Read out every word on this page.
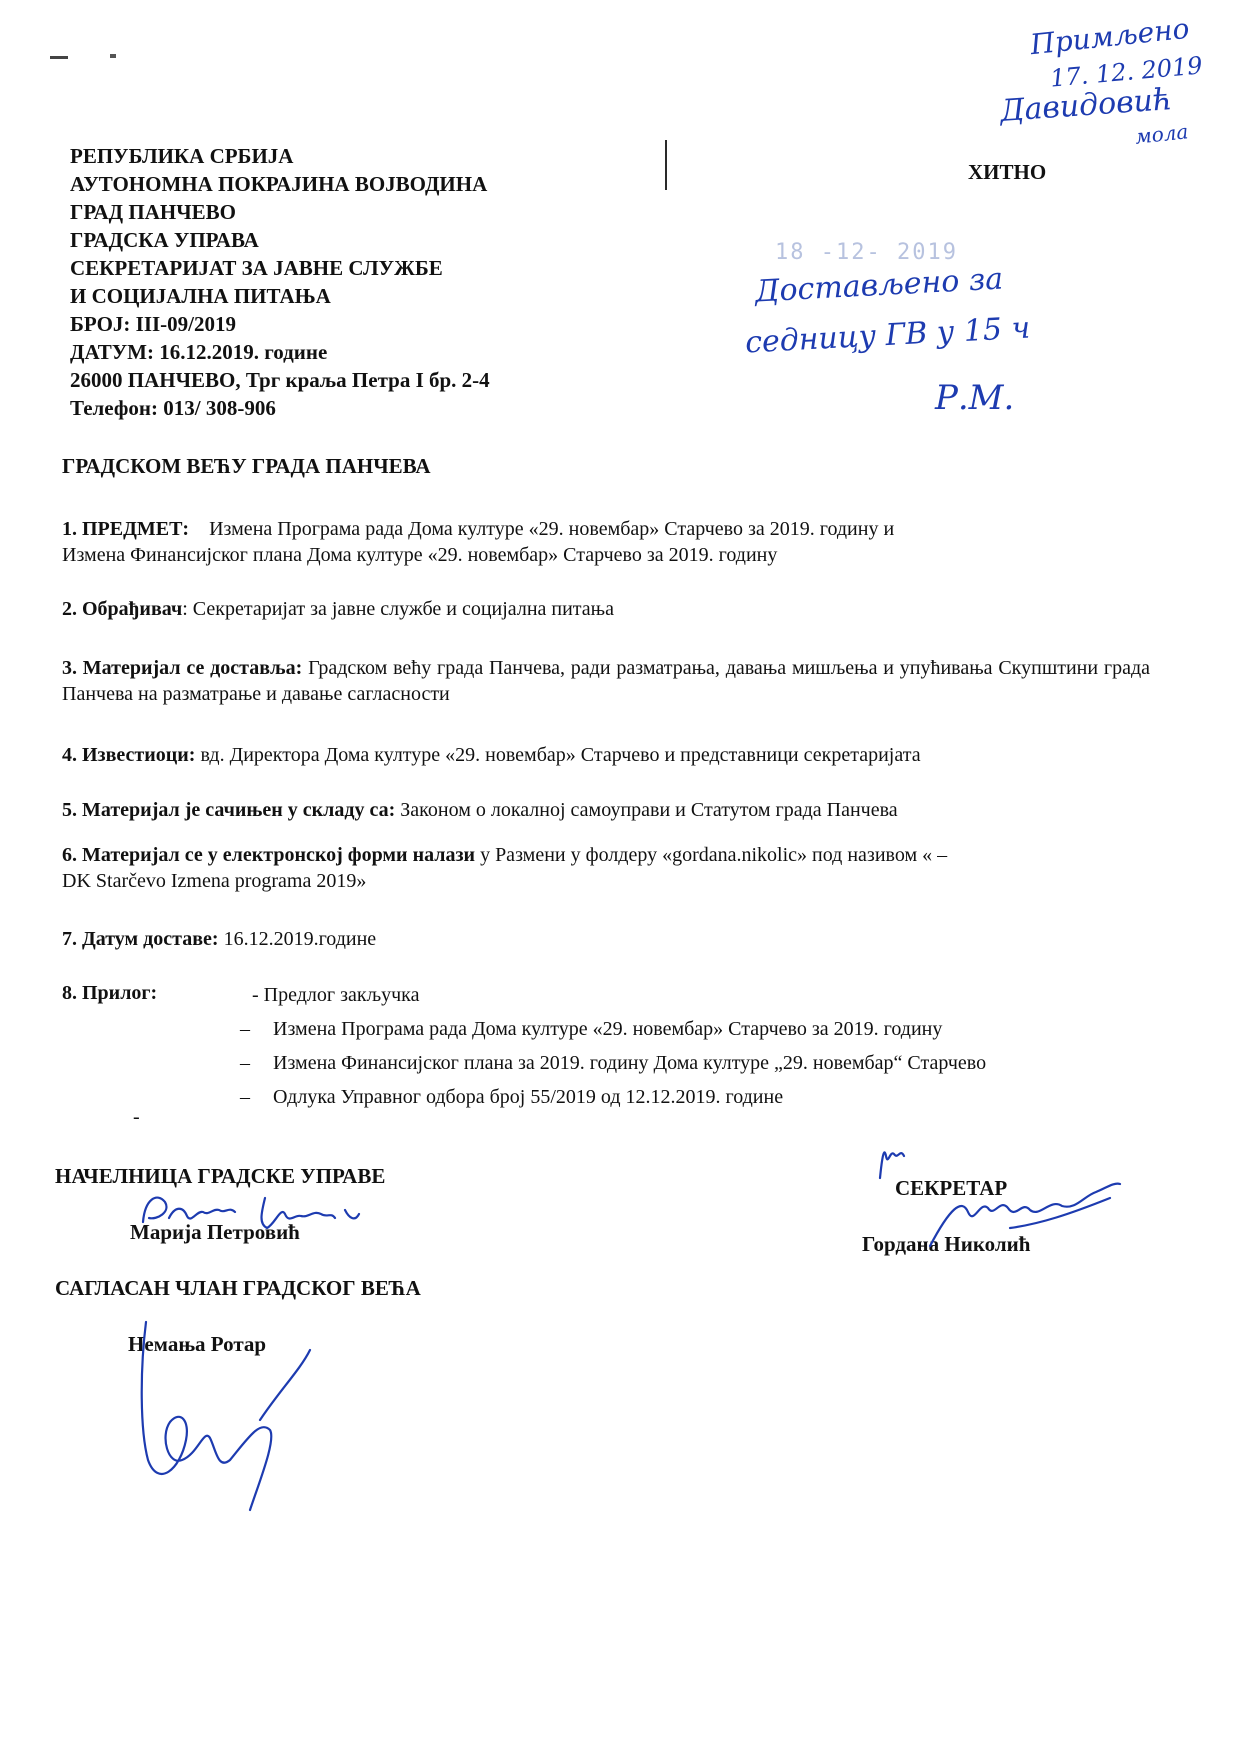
РЕПУБЛИКА СРБИЈА
АУТОНОМНА ПОКРАЈИНА ВОЈВОДИНА
ГРАД ПАНЧЕВО
ГРАДСКА УПРАВА
СЕКРЕТАРИЈАТ ЗА ЈАВНЕ СЛУЖБЕ
И СОЦИЈАЛНА ПИТАЊА
БРОЈ: III-09/2019
ДАТУМ: 16.12.2019. године
26000 ПАНЧЕВО, Трг краља Петра I бр. 2-4
Телефон: 013/ 308-906
ХИТНО
Примљено
17. 12. 2019
Давидовић
мола
18 -12- 2019
Достављено за
седницу ГВ у 15 ч
Р.М.
ГРАДСКОМ ВЕЋУ ГРАДА ПАНЧЕВА
1. ПРЕДМЕТ: Измена Програма рада Дома културе «29. новембар» Старчево за 2019. годину и
Измена Финансијског плана Дома културе «29. новембар» Старчево за 2019. годину
2. Обрађивач: Секретаријат за јавне службе и социјална питања
3. Материјал се доставља: Градском већу града Панчева, ради разматрања, давања мишљења и упућивања Скупштини града Панчева на разматрање и давање сагласности
4. Известиоци: вд. Директора Дома културе «29. новембар» Старчево и представници секретаријата
5. Материјал је сачињен у складу са: Законом о локалној самоуправи и Статутом града Панчева
6. Материјал се у електронској форми налази у Размени у фолдеру «gordana.nikolic» под називом « –
DK Starčevo Izmena programa 2019»
7. Датум доставе: 16.12.2019.године
8. Прилог:	- Предлог закључка
– Измена Програма рада Дома културе «29. новембар» Старчево за 2019. годину
– Измена Финансијског плана за 2019. годину Дома културе „29. новембар“ Старчево
– Одлука Управног одбора број 55/2019 од 12.12.2019. године
-
НАЧЕЛНИЦА ГРАДСКЕ УПРАВЕ
Марија Петровић
СЕКРЕТАР
Гордана Николић
САГЛАСАН ЧЛАН ГРАДСКОГ ВЕЋА
Немања Ротар
